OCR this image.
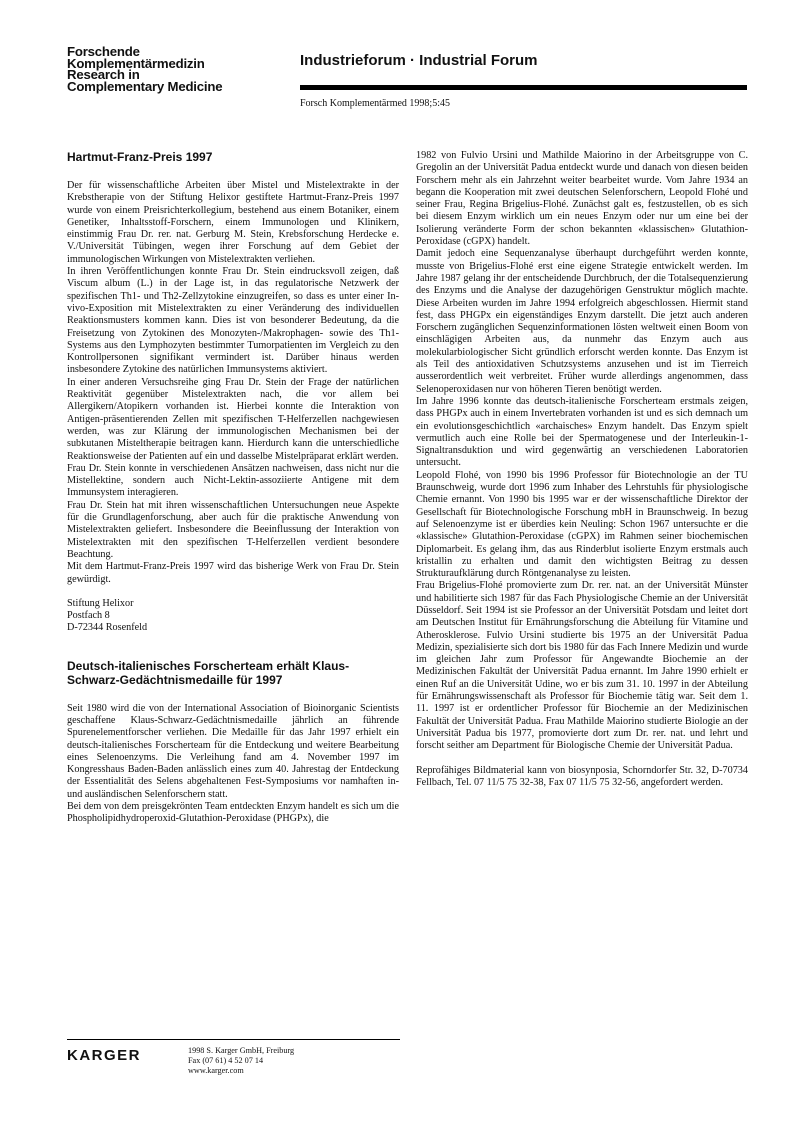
Forschende
Komplementärmedizin
Research in
Complementary Medicine
Industrieforum · Industrial Forum
Forsch Komplementärmed 1998;5:45
Hartmut-Franz-Preis 1997

Der für wissenschaftliche Arbeiten über Mistel und Mistelextrakte in der Krebstherapie von der Stiftung Helixor gestiftete Hartmut-Franz-Preis 1997 wurde von einem Preisrichterkollegium, bestehend aus einem Botaniker, einem Genetiker, Inhaltsstoff-Forschern, einem Immunologen und Klinikern, einstimmig Frau Dr. rer. nat. Gerburg M. Stein, Krebsforschung Herdecke e. V./Universität Tübingen, wegen ihrer Forschung auf dem Gebiet der immunologischen Wirkungen von Mistelextrakten verliehen.

In ihren Veröffentlichungen konnte Frau Dr. Stein eindrucksvoll zeigen, daß Viscum album (L.) in der Lage ist, in das regulatorische Netzwerk der spezifischen Th1- und Th2-Zellzytokine einzugreifen, so dass es unter einer In-vivo-Exposition mit Mistelextrakten zu einer Veränderung des individuellen Reaktionsmusters kommen kann. Dies ist von besonderer Bedeutung, da die Freisetzung von Zytokinen des Monozyten-/Makrophagen- sowie des Th1-Systems aus den Lymphozyten bestimmter Tumorpatienten im Vergleich zu den Kontrollpersonen signifikant vermindert ist. Darüber hinaus werden insbesondere Zytokine des natürlichen Immunsystems aktiviert.

In einer anderen Versuchsreihe ging Frau Dr. Stein der Frage der natürlichen Reaktivität gegenüber Mistelextrakten nach, die vor allem bei Allergikern/Atopikern vorhanden ist. Hierbei konnte die Interaktion von Antigen-präsentierenden Zellen mit spezifischen T-Helferzellen nachgewiesen werden, was zur Klärung der immunologischen Mechanismen bei der subkutanen Misteltherapie beitragen kann. Hierdurch kann die unterschiedliche Reaktionsweise der Patienten auf ein und dasselbe Mistelpräparat erklärt werden.

Frau Dr. Stein konnte in verschiedenen Ansätzen nachweisen, dass nicht nur die Mistellektine, sondern auch Nicht-Lektin-assoziierte Antigene mit dem Immunsystem interagieren.

Frau Dr. Stein hat mit ihren wissenschaftlichen Untersuchungen neue Aspekte für die Grundlagenforschung, aber auch für die praktische Anwendung von Mistelextrakten geliefert. Insbesondere die Beeinflussung der Interaktion von Mistelextrakten mit den spezifischen T-Helferzellen verdient besondere Beachtung.

Mit dem Hartmut-Franz-Preis 1997 wird das bisherige Werk von Frau Dr. Stein gewürdigt.

Stiftung Helixor

Postfach 8

D-72344 Rosenfeld

Deutsch-italienisches Forscherteam erhält Klaus-Schwarz-Gedächtnismedaille für 1997

Seit 1980 wird die von der International Association of Bioinorganic Scientists geschaffene Klaus-Schwarz-Gedächtnismedaille jährlich an führende Spurenelementforscher verliehen. Die Medaille für das Jahr 1997 erhielt ein deutsch-italienisches Forscherteam für die Entdeckung und weitere Bearbeitung eines Selenoenzyms. Die Verleihung fand am 4. November 1997 im Kongresshaus Baden-Baden anlässlich eines zum 40. Jahrestag der Entdeckung der Essentialität des Selens abgehaltenen Fest-Symposiums vor namhaften in- und ausländischen Selenforschern statt.

Bei dem von dem preisgekrönten Team entdeckten Enzym handelt es sich um die Phospholipidhydroperoxid-Glutathion-Peroxidase (PHGPx), die

1982 von Fulvio Ursini und Mathilde Maiorino in der Arbeitsgruppe von C. Gregolin an der Universität Padua entdeckt wurde und danach von diesen beiden Forschern mehr als ein Jahrzehnt weiter bearbeitet wurde. Vom Jahre 1934 an begann die Kooperation mit zwei deutschen Selenforschern, Leopold Flohé und seiner Frau, Regina Brigelius-Flohé. Zunächst galt es, festzustellen, ob es sich bei diesem Enzym wirklich um ein neues Enzym oder nur um eine bei der Isolierung veränderte Form der schon bekannten «klassischen» Glutathion-Peroxidase (cGPX) handelt.

Damit jedoch eine Sequenzanalyse überhaupt durchgeführt werden konnte, musste von Brigelius-Flohé erst eine eigene Strategie entwickelt werden. Im Jahre 1987 gelang ihr der entscheidende Durchbruch, der die Totalsequenzierung des Enzyms und die Analyse der dazugehörigen Genstruktur möglich machte. Diese Arbeiten wurden im Jahre 1994 erfolgreich abgeschlossen. Hiermit stand fest, dass PHGPx ein eigenständiges Enzym darstellt. Die jetzt auch anderen Forschern zugänglichen Sequenzinformationen lösten weltweit einen Boom von einschlägigen Arbeiten aus, da nunmehr das Enzym auch aus molekularbiologischer Sicht gründlich erforscht werden konnte. Das Enzym ist als Teil des antioxidativen Schutzsystems anzusehen und ist im Tierreich ausserordentlich weit verbreitet. Früher wurde allerdings angenommen, dass Selenoperoxidasen nur von höheren Tieren benötigt werden.

Im Jahre 1996 konnte das deutsch-italienische Forscherteam erstmals zeigen, dass PHGPx auch in einem Invertebraten vorhanden ist und es sich demnach um ein evolutionsgeschichtlich «archaisches» Enzym handelt. Das Enzym spielt vermutlich auch eine Rolle bei der Spermatogenese und der Interleukin-1-Signaltransduktion und wird gegenwärtig an verschiedenen Laboratorien untersucht.

Leopold Flohé, von 1990 bis 1996 Professor für Biotechnologie an der TU Braunschweig, wurde dort 1996 zum Inhaber des Lehrstuhls für physiologische Chemie ernannt. Von 1990 bis 1995 war er der wissenschaftliche Direktor der Gesellschaft für Biotechnologische Forschung mbH in Braunschweig. In bezug auf Selenoenzyme ist er überdies kein Neuling: Schon 1967 untersuchte er die «klassische» Glutathion-Peroxidase (cGPX) im Rahmen seiner biochemischen Diplomarbeit. Es gelang ihm, das aus Rinderblut isolierte Enzym erstmals auch kristallin zu erhalten und damit den wichtigsten Beitrag zu dessen Strukturaufklärung durch Röntgenanalyse zu leisten.

Frau Brigelius-Flohé promovierte zum Dr. rer. nat. an der Universität Münster und habilitierte sich 1987 für das Fach Physiologische Chemie an der Universität Düsseldorf. Seit 1994 ist sie Professor an der Universität Potsdam und leitet dort am Deutschen Institut für Ernährungsforschung die Abteilung für Vitamine und Atherosklerose. Fulvio Ursini studierte bis 1975 an der Universität Padua Medizin, spezialisierte sich dort bis 1980 für das Fach Innere Medizin und wurde im gleichen Jahr zum Professor für Angewandte Biochemie an der Medizinischen Fakultät der Universität Padua ernannt. Im Jahre 1990 erhielt er einen Ruf an die Universität Udine, wo er bis zum 31. 10. 1997 in der Abteilung für Ernährungswissenschaft als Professor für Biochemie tätig war. Seit dem 1. 11. 1997 ist er ordentlicher Professor für Biochemie an der Medizinischen Fakultät der Universität Padua. Frau Mathilde Maiorino studierte Biologie an der Universität Padua bis 1977, promovierte dort zum Dr. rer. nat. und lehrt und forscht seither am Department für Biologische Chemie der Universität Padua.

Reprofähiges Bildmaterial kann von biosynposia, Schorndorfer Str. 32, D-70734 Fellbach, Tel. 07 11/5 75 32-38, Fax 07 11/5 75 32-56, angefordert werden.

KARGER	1998 S. Karger GmbH, Freiburg
Fax (07 61) 4 52 07 14
www.karger.com
